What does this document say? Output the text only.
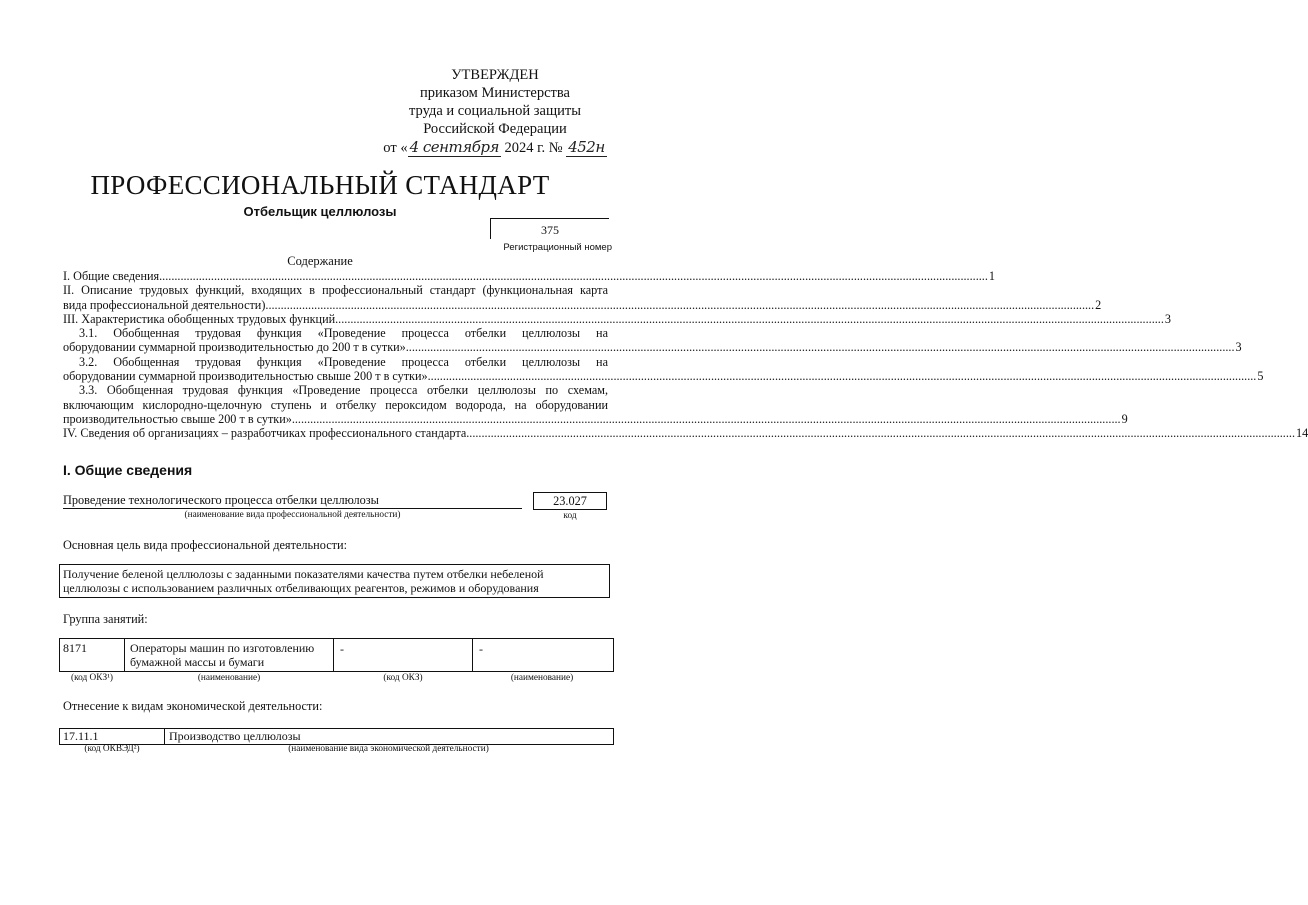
УТВЕРЖДЕН
приказом Министерства
труда и социальной защиты
Российской Федерации
от « 4 сентября 2024 г. № 452н
ПРОФЕССИОНАЛЬНЫЙ СТАНДАРТ
Отбельщик целлюлозы
375
Регистрационный номер
Содержание
I. Общие сведения .....	1
II. Описание трудовых функций, входящих в профессиональный стандарт (функциональная карта
вида профессиональной деятельности) .....	2
III. Характеристика обобщенных трудовых функций .....	3
3.1. Обобщенная трудовая функция «Проведение процесса отбелки целлюлозы на
оборудовании суммарной производительностью до 200 т в сутки» .....	3
3.2. Обобщенная трудовая функция «Проведение процесса отбелки целлюлозы на
оборудовании суммарной производительностью свыше 200 т в сутки» .....	5
3.3. Обобщенная трудовая функция «Проведение процесса отбелки целлюлозы по схемам,
включающим кислородно-щелочную ступень и отбелку пероксидом водорода, на оборудовании
производительностью свыше 200 т в сутки» .....	9
IV. Сведения об организациях – разработчиках профессионального стандарта .....	14
I. Общие сведения
Проведение технологического процесса отбелки целлюлозы	23.027
(наименование вида профессиональной деятельности)	код
Основная цель вида профессиональной деятельности:
Получение беленой целлюлозы с заданными показателями качества путем отбелки небеленой
целлюлозы с использованием различных отбеливающих реагентов, режимов и оборудования
Группа занятий:
8171	Операторы машин по изготовлению
бумажной массы и бумаги
-	-
(код ОКЗ¹)	(наименование)	(код ОКЗ)	(наименование)
Отнесение к видам экономической деятельности:
17.11.1	Производство целлюлозы
(код ОКВЭД²)	(наименование вида экономической деятельности)
